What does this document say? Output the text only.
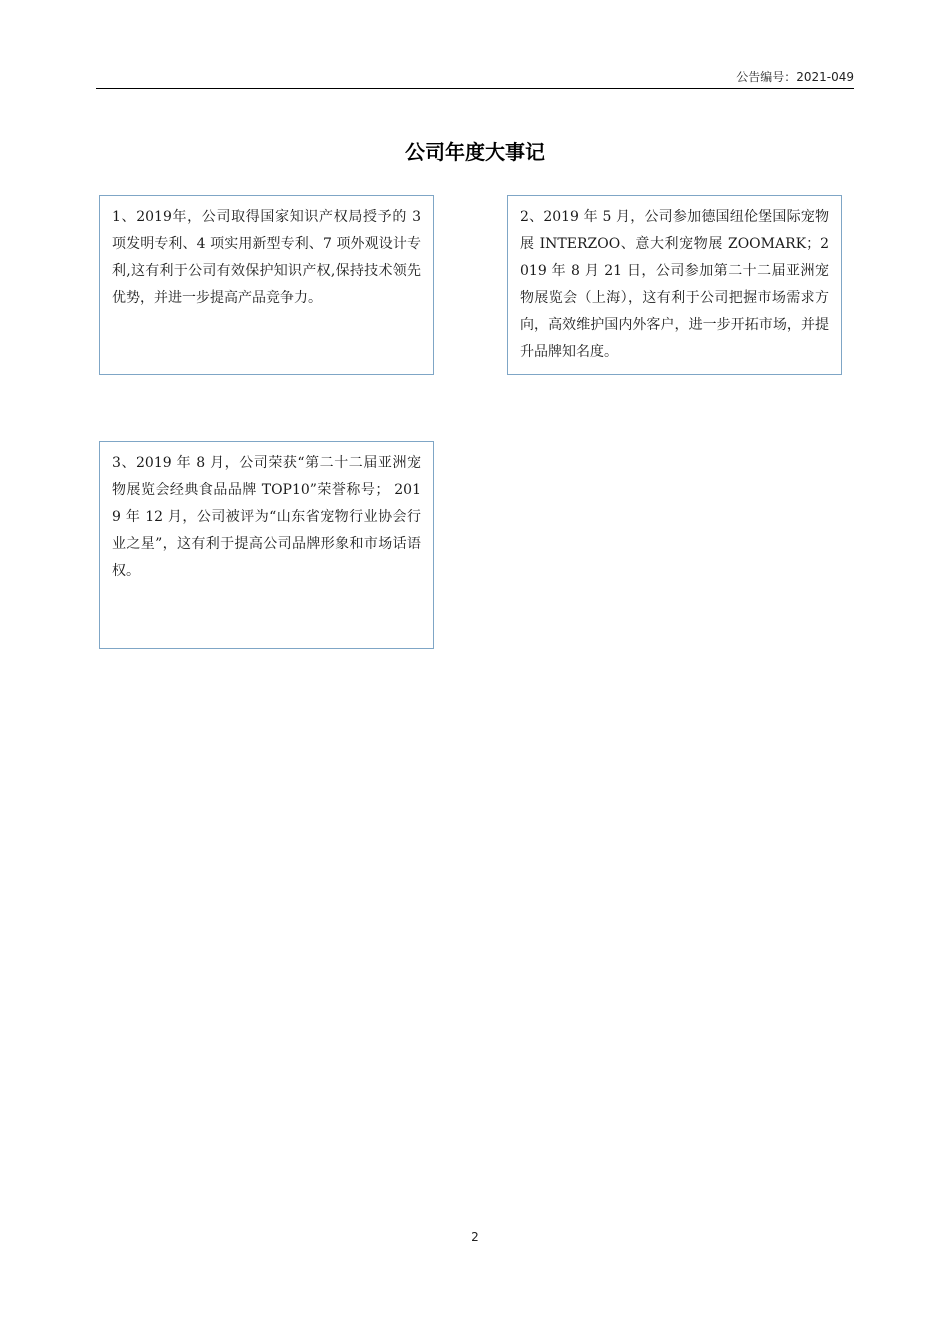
公告编号：2021-049
公司年度大事记
1、2019年，公司取得国家知识产权局授予的 3 项发明专利、4 项实用新型专利、7 项外观设计专利,这有利于公司有效保护知识产权,保持技术领先优势，并进一步提高产品竞争力。
2、2019 年 5 月，公司参加德国纽伦堡国际宠物展 INTERZOO、意大利宠物展 ZOOMARK；2019 年 8 月 21 日，公司参加第二十二届亚洲宠物展览会（上海），这有利于公司把握市场需求方向，高效维护国内外客户，进一步开拓市场，并提升品牌知名度。
3、2019 年 8 月，公司荣获“第二十二届亚洲宠物展览会经典食品品牌 TOP10”荣誉称号； 2019 年 12 月，公司被评为“山东省宠物行业协会行业之星”，这有利于提高公司品牌形象和市场话语权。
2
